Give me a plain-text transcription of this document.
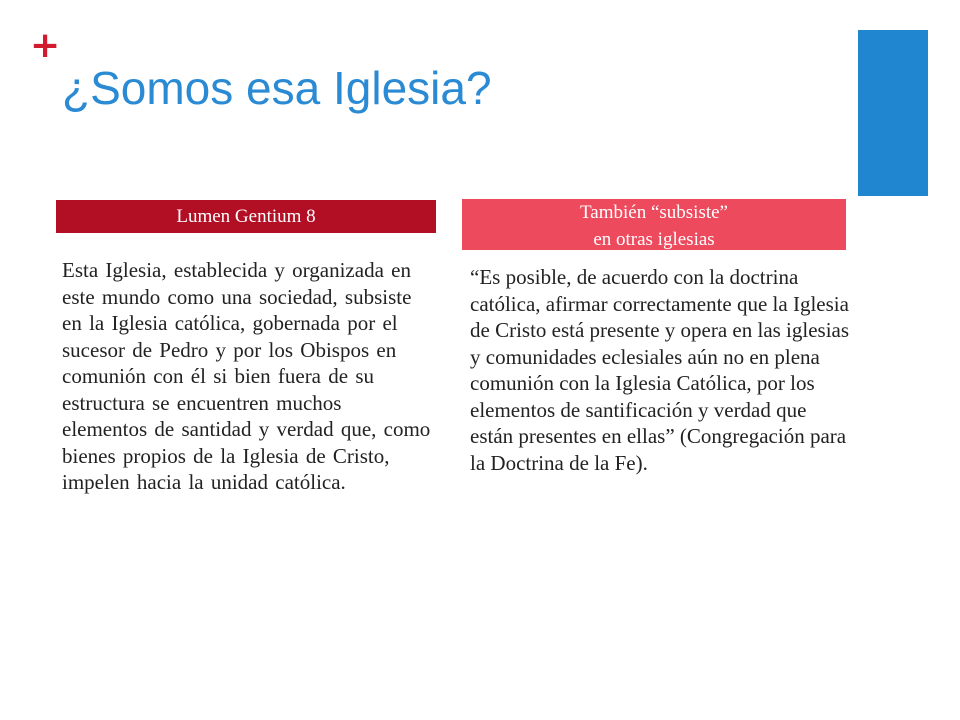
+
¿Somos esa Iglesia?
Lumen Gentium 8

Esta Iglesia, establecida y organizada en este mundo como una sociedad, subsiste en la Iglesia católica, gobernada por el sucesor de Pedro y por los Obispos en comunión con él si bien fuera de su estructura se encuentren muchos elementos de santidad y verdad que, como bienes propios de la Iglesia de Cristo, impelen hacia la unidad católica.

También “subsiste”
en otras iglesias

“Es posible, de acuerdo con la doctrina católica, afirmar correctamente que la Iglesia de Cristo está presente y opera en las iglesias y comunidades eclesiales aún no en plena comunión con la Iglesia Católica, por los elementos de santificación y verdad que están presentes en ellas” (Congregación para la Doctrina de la Fe).
